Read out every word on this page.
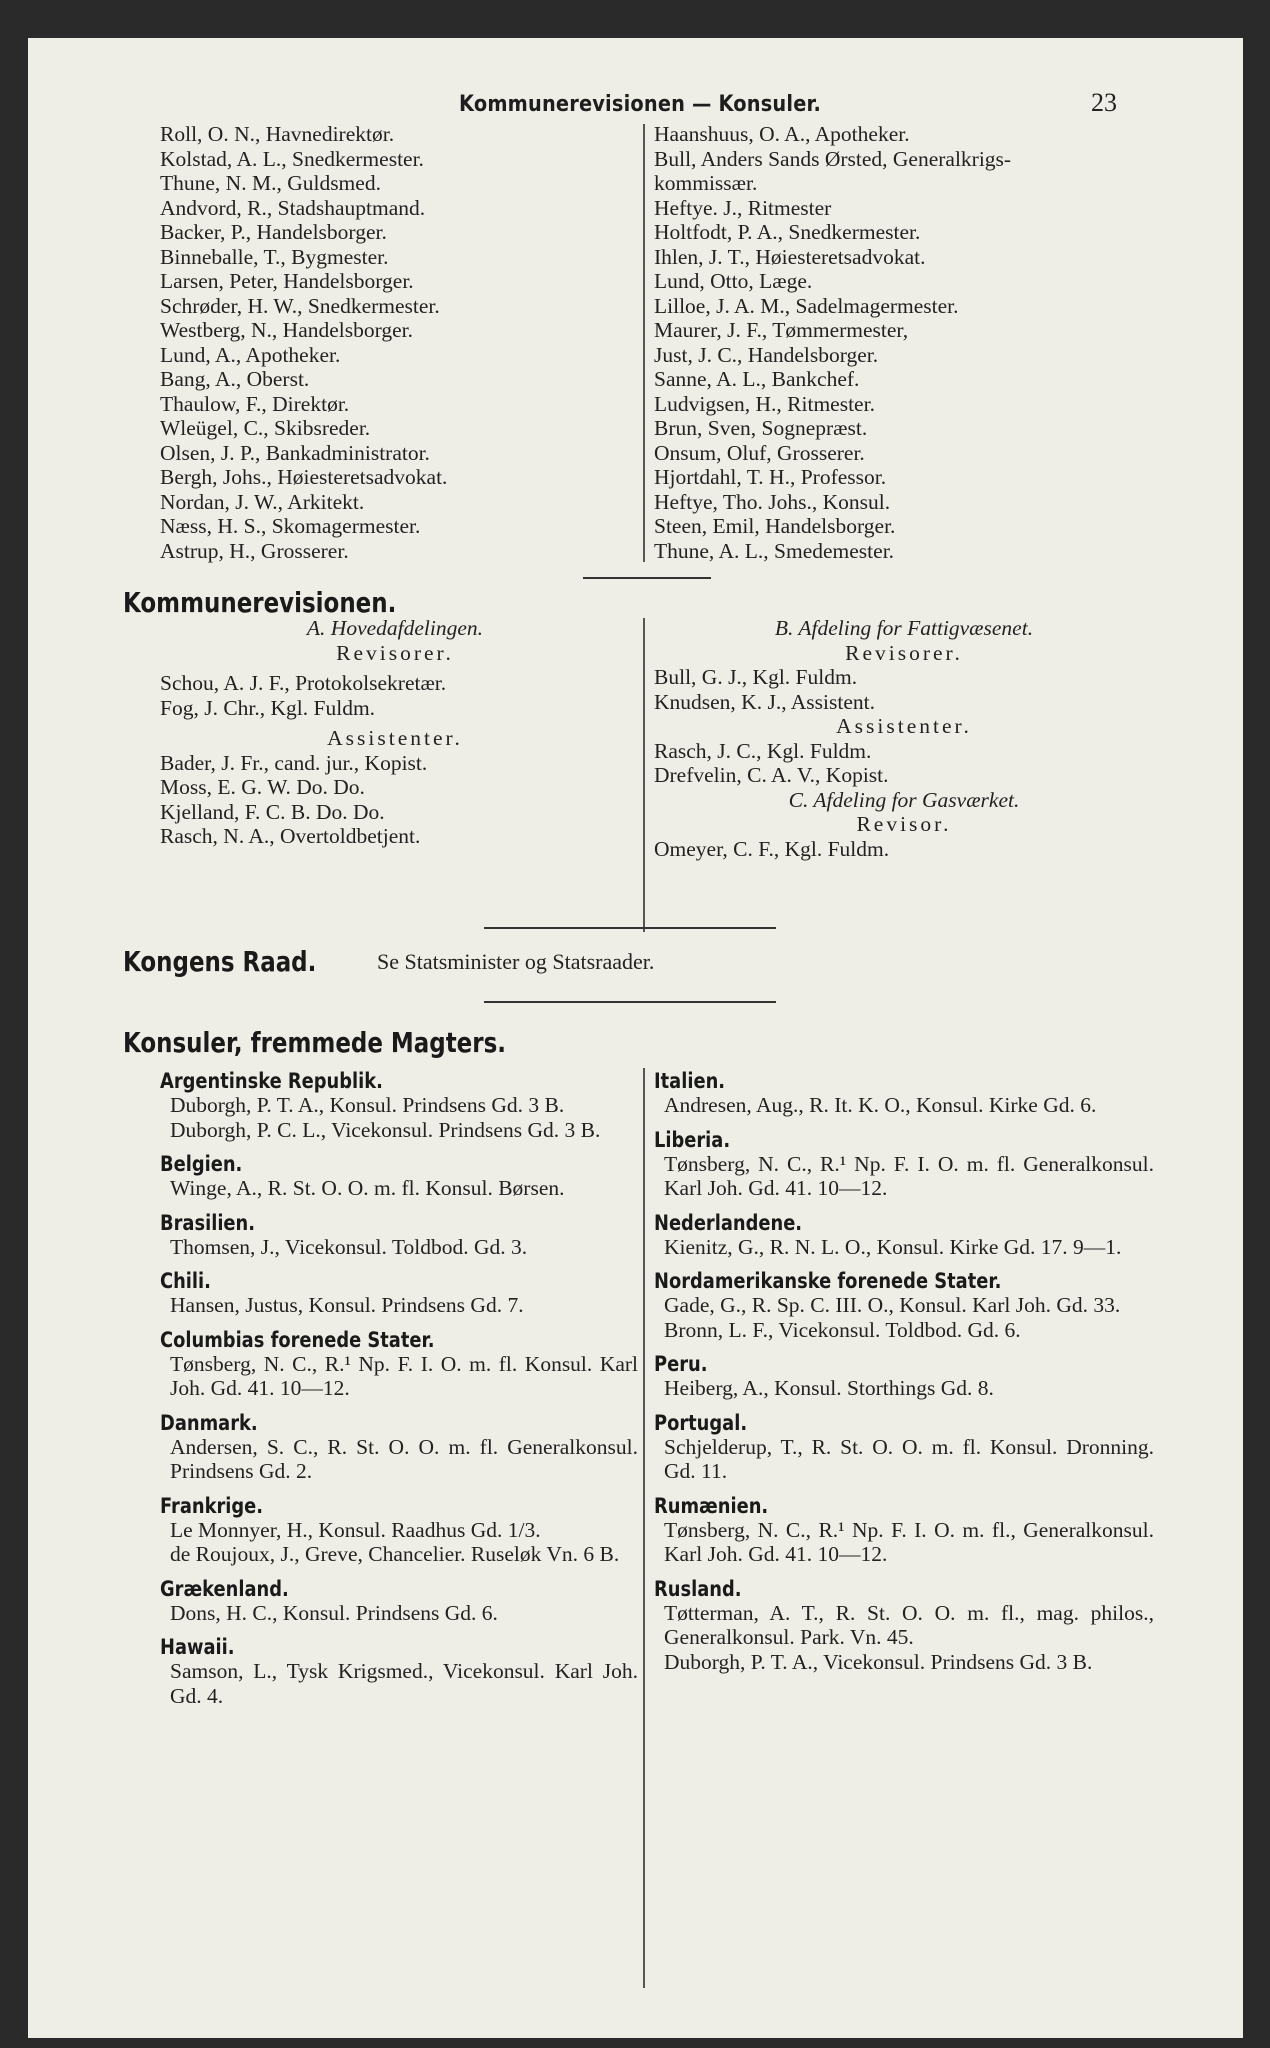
Kommunerevisionen — Konsuler.	23
Roll, O. N., Havnedirektør.
Kolstad, A. L., Snedkermester.
Thune, N. M., Guldsmed.
Andvord, R., Stadshauptmand.
Backer, P., Handelsborger.
Binneballe, T., Bygmester.
Larsen, Peter, Handelsborger.
Schrøder, H. W., Snedkermester.
Westberg, N., Handelsborger.
Lund, A., Apotheker.
Bang, A., Oberst.
Thaulow, F., Direktør.
Wleügel, C., Skibsreder.
Olsen, J. P., Bankadministrator.
Bergh, Johs., Høiesteretsadvokat.
Nordan, J. W., Arkitekt.
Næss, H. S., Skomagermester.
Astrup, H., Grosserer.
Haanshuus, O. A., Apotheker.
Bull, Anders Sands Ørsted, Generalkrigs-
kommissær.
Heftye. J., Ritmester
Holtfodt, P. A., Snedkermester.
Ihlen, J. T., Høiesteretsadvokat.
Lund, Otto, Læge.
Lilloe, J. A. M., Sadelmagermester.
Maurer, J. F., Tømmermester,
Just, J. C., Handelsborger.
Sanne, A. L., Bankchef.
Ludvigsen, H., Ritmester.
Brun, Sven, Sognepræst.
Onsum, Oluf, Grosserer.
Hjortdahl, T. H., Professor.
Heftye, Tho. Johs., Konsul.
Steen, Emil, Handelsborger.
Thune, A. L., Smedemester.
Kommunerevisionen.
A. Hovedafdelingen.
Revisorer.
Schou, A. J. F., Protokolsekretær.
Fog, J. Chr., Kgl. Fuldm.
Assistenter.
Bader, J. Fr., cand. jur., Kopist.
Moss, E. G. W. Do. Do.
Kjelland, F. C. B. Do. Do.
Rasch, N. A., Overtoldbetjent.
B. Afdeling for Fattigvæsenet.
Revisorer.
Bull, G. J., Kgl. Fuldm.
Knudsen, K. J., Assistent.
Assistenter.
Rasch, J. C., Kgl. Fuldm.
Drefvelin, C. A. V., Kopist.
C. Afdeling for Gasværket.
Revisor.
Omeyer, C. F., Kgl. Fuldm.
Kongens Raad.	Se Statsminister og Statsraader.
Konsuler, fremmede Magters.
Argentinske Republik.
Duborgh, P. T. A., Konsul. Prindsens Gd. 3 B.
Duborgh, P. C. L., Vicekonsul. Prindsens Gd. 3 B.
Belgien.
Winge, A., R. St. O. O. m. fl. Konsul. Børsen.
Brasilien.
Thomsen, J., Vicekonsul. Toldbod. Gd. 3.
Chili.
Hansen, Justus, Konsul. Prindsens Gd. 7.
Columbias forenede Stater.
Tønsberg, N. C., R.¹ Np. F. I. O. m. fl. Konsul. Karl Joh. Gd. 41. 10—12.
Danmark.
Andersen, S. C., R. St. O. O. m. fl. Generalkonsul. Prindsens Gd. 2.
Frankrige.
Le Monnyer, H., Konsul. Raadhus Gd. 1/3.
de Roujoux, J., Greve, Chancelier. Ruseløk Vn. 6 B.
Grækenland.
Dons, H. C., Konsul. Prindsens Gd. 6.
Hawaii.
Samson, L., Tysk Krigsmed., Vicekonsul. Karl Joh. Gd. 4.
Italien.
Andresen, Aug., R. It. K. O., Konsul. Kirke Gd. 6.
Liberia.
Tønsberg, N. C., R.¹ Np. F. I. O. m. fl. Generalkonsul. Karl Joh. Gd. 41. 10—12.
Nederlandene.
Kienitz, G., R. N. L. O., Konsul. Kirke Gd. 17. 9—1.
Nordamerikanske forenede Stater.
Gade, G., R. Sp. C. III. O., Konsul. Karl Joh. Gd. 33.
Bronn, L. F., Vicekonsul. Toldbod. Gd. 6.
Peru.
Heiberg, A., Konsul. Storthings Gd. 8.
Portugal.
Schjelderup, T., R. St. O. O. m. fl. Konsul. Dronning. Gd. 11.
Rumænien.
Tønsberg, N. C., R.¹ Np. F. I. O. m. fl., Generalkonsul. Karl Joh. Gd. 41. 10—12.
Rusland.
Tøtterman, A. T., R. St. O. O. m. fl., mag. philos., Generalkonsul. Park. Vn. 45.
Duborgh, P. T. A., Vicekonsul. Prindsens Gd. 3 B.
